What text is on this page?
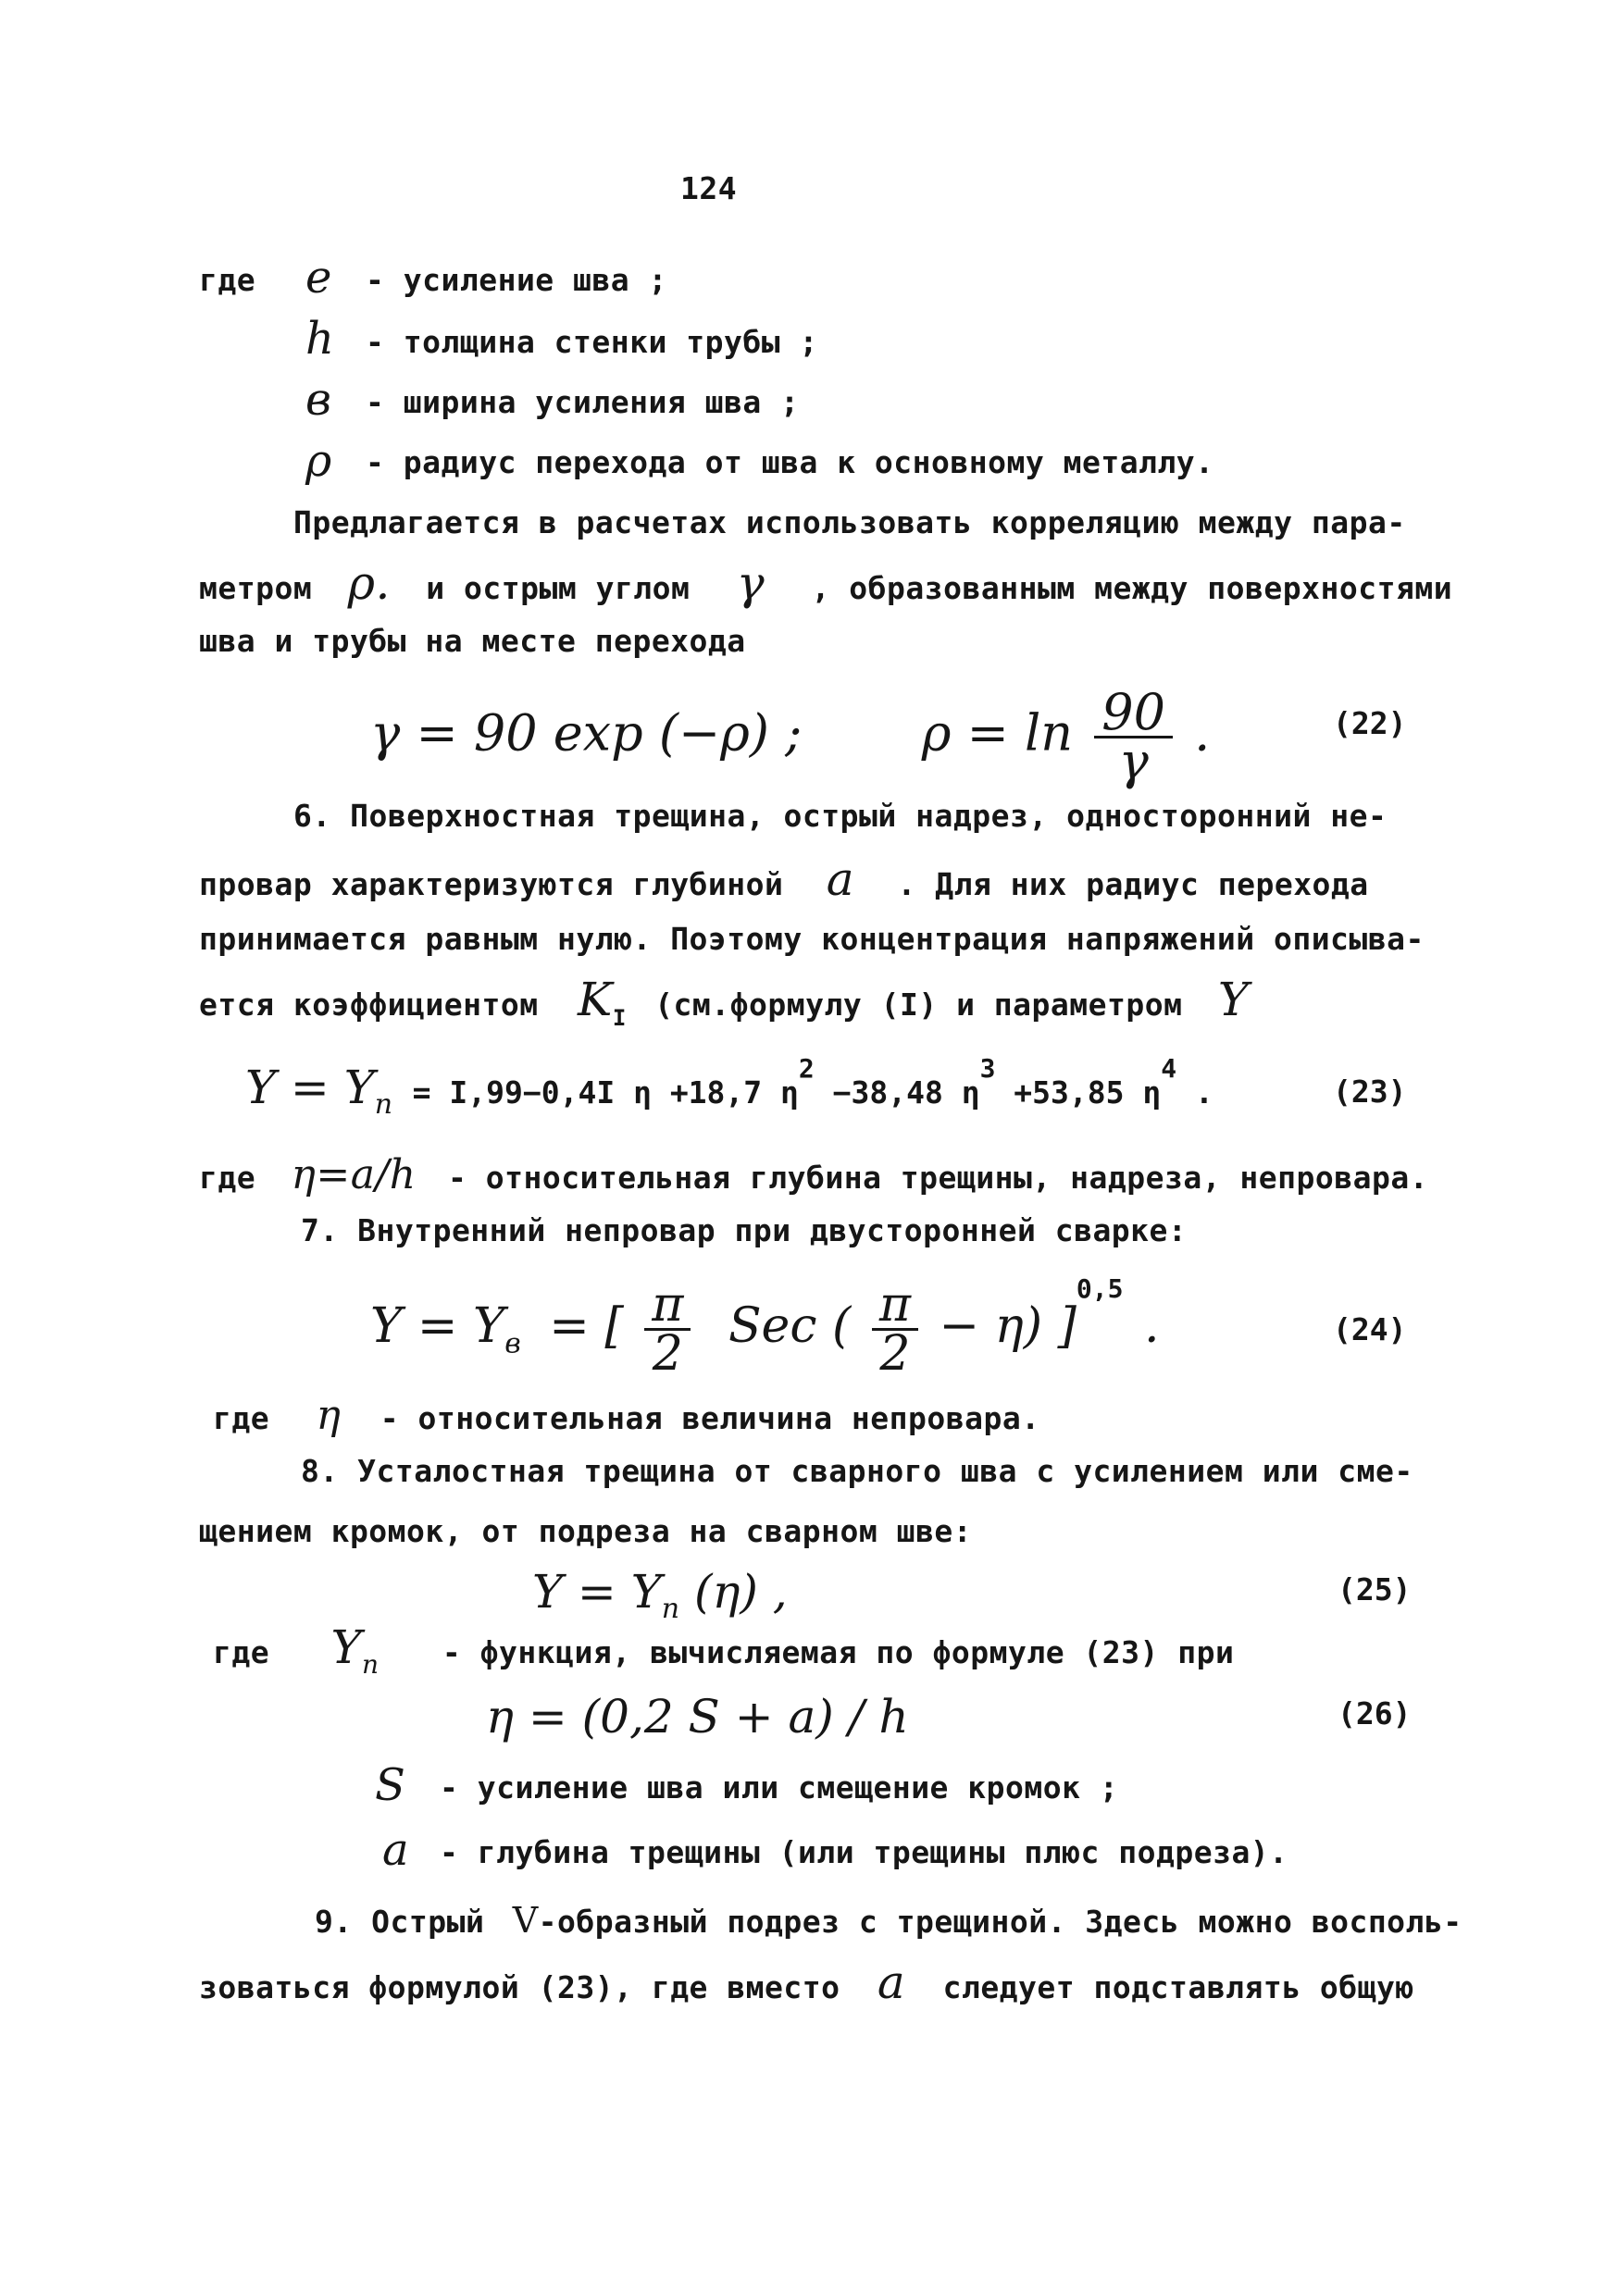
124
где e - усиление шва ;
h - толщина стенки трубы ;
в - ширина усиления шва ;
ρ - радиус перехода от шва к основному металлу.
Предлагается в расчетах использовать корреляцию между пара-
метром ρ. и острым углом γ , образованным между поверхностями
шва и трубы на месте перехода
γ = 90 exp (−ρ) ; $\rho = \ln \frac{90}{\gamma}$ .	(22)
6. Поверхностная трещина, острый надрез, односторонний не-
провар характеризуются глубиной a . Для них радиус перехода
принимается равным нулю. Поэтому концентрация напряжений описыва-
ется коэффициентом $K_I$ (см.формулу (I) и параметром Y
$Y = Y_п = I,99-0,4I$ η +18,7 $\eta^2 -38,48$ $\eta^3 +53,85$ $\eta^4$ .	(23)
где η=a/h - относительная глубина трещины, надреза, непровара.
7. Внутренний непровар при двусторонней сварке:
$Y = Y_в$ = [ $\frac{\pi}{2}$ Sec ( $\frac{\pi}{2} - \eta$) ]$^{0,5}$ .	(24)
где η - относительная величина непровара.
8. Усталостная трещина от сварного шва с усилением или сме-
щением кромок, от подреза на сварном шве:
$Y = Y_п$ (η) ,	(25)
где $Y_п$ - функция, вычисляемая по формуле (23) при
η = (0,2 S + a) / h	(26)
S - усиление шва или смещение кромок ;
a - глубина трещины (или трещины плюс подреза).
9. Острый V-образный подрез с трещиной. Здесь можно восполь-
зоваться формулой (23), где вместо a следует подставлять общую
